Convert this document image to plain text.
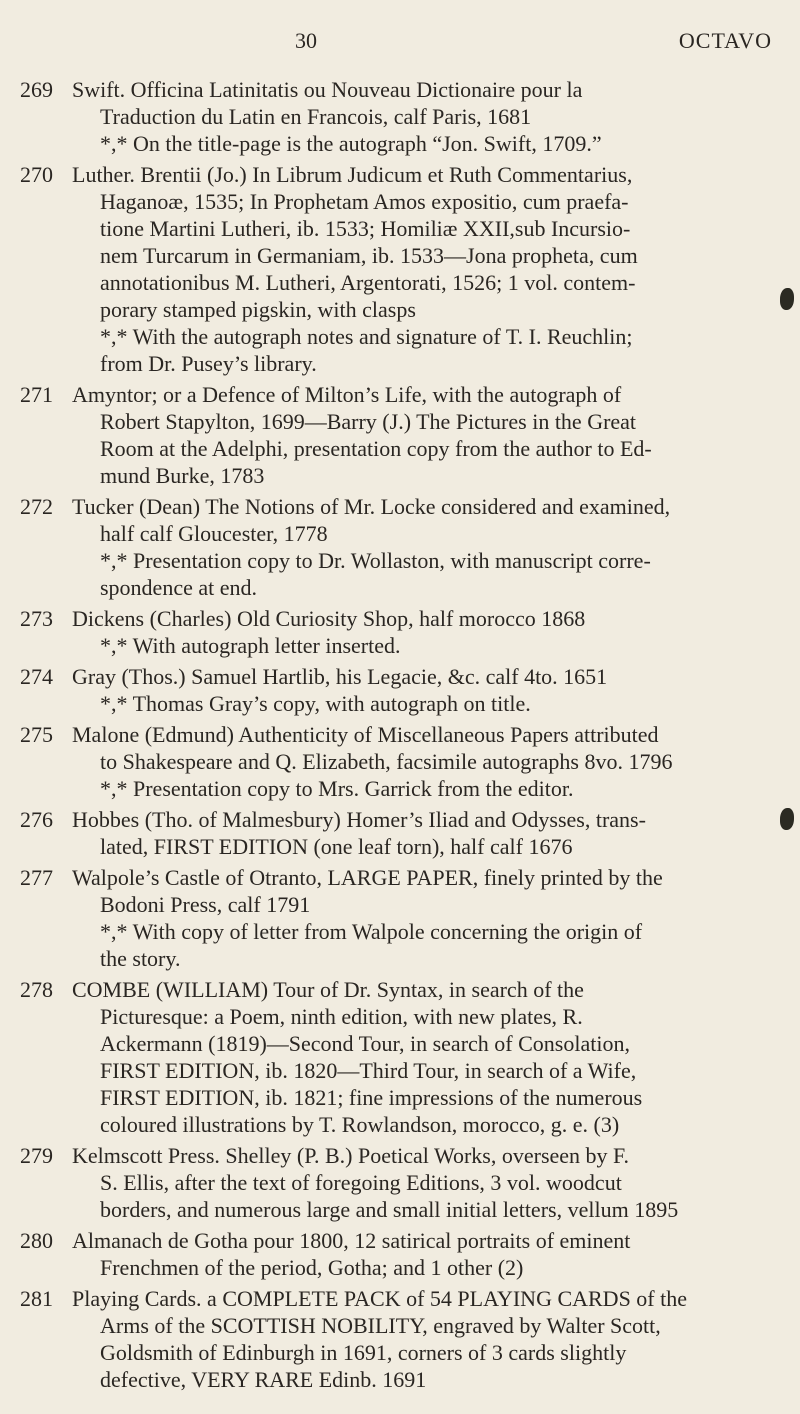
30	OCTAVO
269 Swift. Officina Latinitatis ou Nouveau Dictionaire pour la
Traduction du Latin en Francois, calf Paris, 1681
*,* On the title-page is the autograph “Jon. Swift, 1709.”
270 Luther. Brentii (Jo.) In Librum Judicum et Ruth Commentarius,
Haganoæ, 1535; In Prophetam Amos expositio, cum praefa-
tione Martini Lutheri, ib. 1533; Homiliæ XXII,sub Incursio-
nem Turcarum in Germaniam, ib. 1533—Jona propheta, cum
annotationibus M. Lutheri, Argentorati, 1526; 1 vol. contem-
porary stamped pigskin, with clasps
*,* With the autograph notes and signature of T. I. Reuchlin;
from Dr. Pusey’s library.
271 Amyntor; or a Defence of Milton’s Life, with the autograph of
Robert Stapylton, 1699—Barry (J.) The Pictures in the Great
Room at the Adelphi, presentation copy from the author to Ed-
mund Burke, 1783
272 Tucker (Dean) The Notions of Mr. Locke considered and examined,
half calf Gloucester, 1778
*,* Presentation copy to Dr. Wollaston, with manuscript corre-
spondence at end.
273 Dickens (Charles) Old Curiosity Shop, half morocco 1868
*,* With autograph letter inserted.
274 Gray (Thos.) Samuel Hartlib, his Legacie, &c. calf 4to. 1651
*,* Thomas Gray’s copy, with autograph on title.
275 Malone (Edmund) Authenticity of Miscellaneous Papers attributed
to Shakespeare and Q. Elizabeth, facsimile autographs 8vo. 1796
*,* Presentation copy to Mrs. Garrick from the editor.
276 Hobbes (Tho. of Malmesbury) Homer’s Iliad and Odysses, trans-
lated, FIRST EDITION (one leaf torn), half calf 1676
277 Walpole’s Castle of Otranto, LARGE PAPER, finely printed by the
Bodoni Press, calf 1791
*,* With copy of letter from Walpole concerning the origin of
the story.
278 COMBE (WILLIAM) Tour of Dr. Syntax, in search of the
Picturesque: a Poem, ninth edition, with new plates, R.
Ackermann (1819)—Second Tour, in search of Consolation,
FIRST EDITION, ib. 1820—Third Tour, in search of a Wife,
FIRST EDITION, ib. 1821; fine impressions of the numerous
coloured illustrations by T. Rowlandson, morocco, g. e. (3)
279 Kelmscott Press. Shelley (P. B.) Poetical Works, overseen by F.
S. Ellis, after the text of foregoing Editions, 3 vol. woodcut
borders, and numerous large and small initial letters, vellum 1895
280 Almanach de Gotha pour 1800, 12 satirical portraits of eminent
Frenchmen of the period, Gotha; and 1 other (2)
281 Playing Cards. a COMPLETE PACK of 54 PLAYING CARDS of the
Arms of the SCOTTISH NOBILITY, engraved by Walter Scott,
Goldsmith of Edinburgh in 1691, corners of 3 cards slightly
defective, VERY RARE Edinb. 1691
